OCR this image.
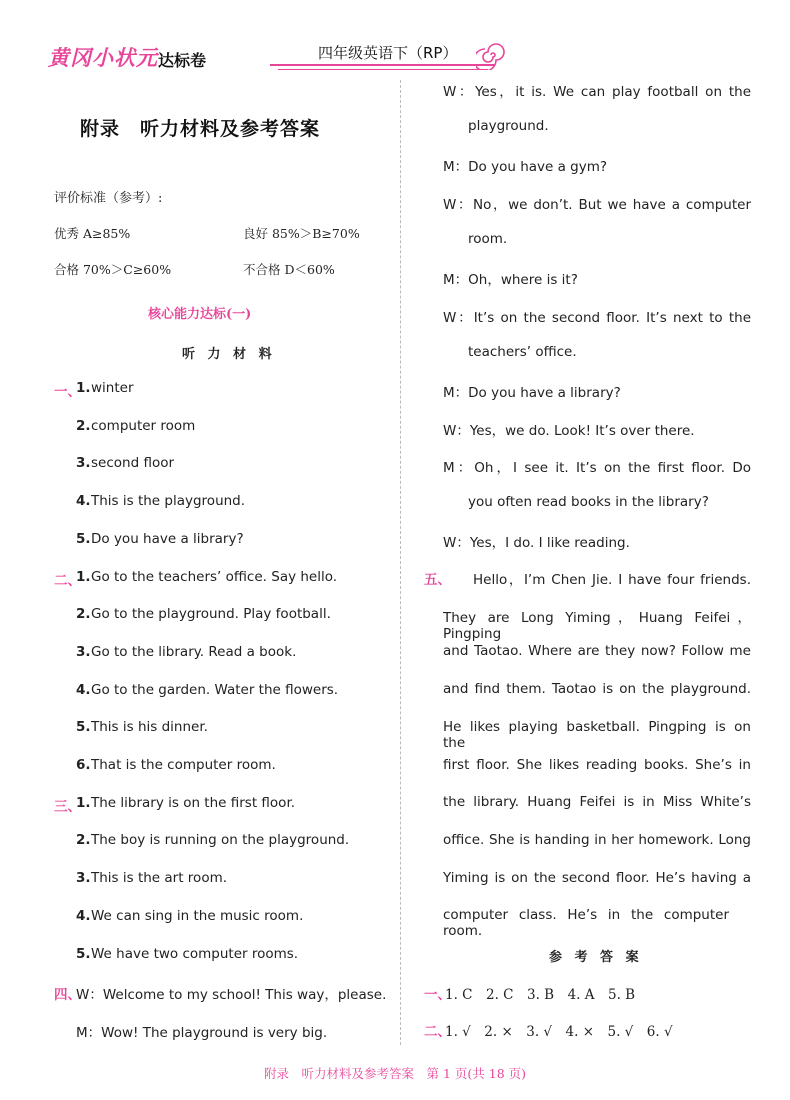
黄冈小状元 达标卷	四年级英语下（RP）
附录　听力材料及参考答案
评价标准（参考）:
优秀 A≥85%	良好 85%＞B≥70%
合格 70%＞C≥60%	不合格 D＜60%
核心能力达标(一)
听 力 材 料
一、
1. winter
2. computer room
3. second floor
4. This is the playground.
5. Do you have a library?
二、
1. Go to the teachers’ office. Say hello.
2. Go to the playground. Play football.
3. Go to the library. Read a book.
4. Go to the garden. Water the flowers.
5. This is his dinner.
6. That is the computer room.
三、
1. The library is on the first floor.
2. The boy is running on the playground.
3. This is the art room.
4. We can sing in the music room.
5. We have two computer rooms.
四、
W：Welcome to my school! This way，please.
M：Wow! The playground is very big.
W：Yes，it is. We can play football on the
playground.
M：Do you have a gym?
W：No，we don’t. But we have a computer
room.
M：Oh，where is it?
W：It’s on the second floor. It’s next to the
teachers’ office.
M：Do you have a library?
W：Yes，we do. Look! It’s over there.
M：Oh，I see it. It’s on the first floor. Do
you often read books in the library?
W：Yes，I do. I like reading.
五、 Hello，I’m Chen Jie. I have four friends.
They are Long Yiming，Huang Feifei，Pingping
and Taotao. Where are they now? Follow me
and find them. Taotao is on the playground.
He likes playing basketball. Pingping is on the
first floor. She likes reading books. She’s in
the library. Huang Feifei is in Miss White’s
office. She is handing in her homework. Long
Yiming is on the second floor. He’s having a
computer class. He’s in the computer room.
参 考 答 案
一、
1. C　2. C　3. B　4. A　5. B
二、
1. √　2. ×　3. √　4. ×　5. √　6. √
附录　听力材料及参考答案　第 1 页(共 18 页)
